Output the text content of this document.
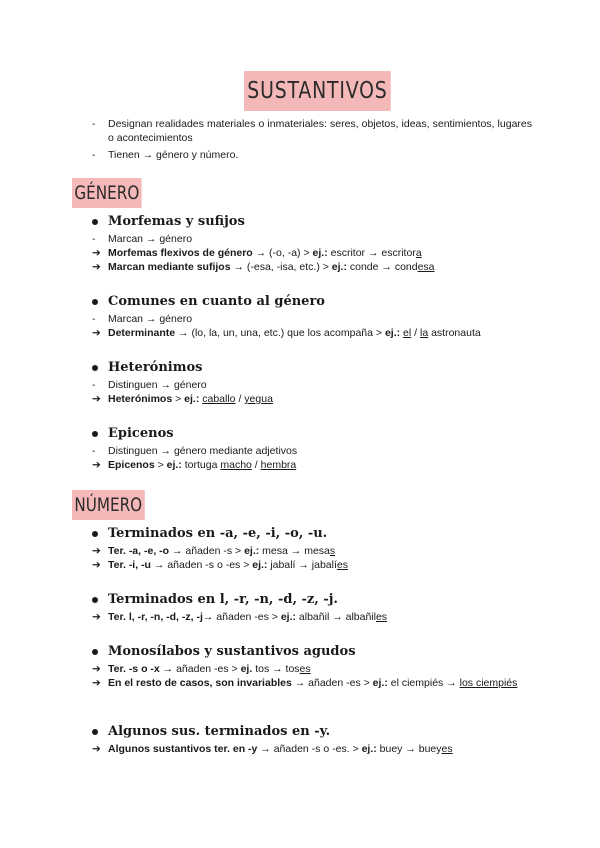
SUSTANTIVOS
- Designan realidades materiales o inmateriales: seres, objetos, ideas, sentimientos, lugares o acontecimientos
- Tienen → género y número.
GÉNERO
Morfemas y sufijos
- Marcan → género
➔ Morfemas flexivos de género → (-o, -a) > ej.: escritor → escritora
➔ Marcan mediante sufijos → (-esa, -isa, etc.) > ej.: conde → condesa
Comunes en cuanto al género
- Marcan → género
➔ Determinante → (lo, la, un, una, etc.) que los acompaña > ej.: el / la astronauta
Heterónimos
- Distinguen → género
➔ Heterónimos > ej.: caballo / yegua
Epicenos
- Distinguen → género mediante adjetivos
➔ Epicenos > ej.: tortuga macho / hembra
NÚMERO
Terminados en -a, -e, -i, -o, -u.
➔ Ter. -a, -e, -o → añaden -s > ej.: mesa → mesas
➔ Ter. -i, -u → añaden -s o -es > ej.: jabalí → jabalíes
Terminados en l, -r, -n, -d, -z, -j.
➔ Ter. l, -r, -n, -d, -z, -j→ añaden -es > ej.: albañil → albañiles
Monosílabos y sustantivos agudos
➔ Ter. -s o -x → añaden -es > ej. tos → toses
➔ En el resto de casos, son invariables → añaden -es > ej.: el ciempiés → los ciempiés
Algunos sus. terminados en -y.
➔ Algunos sustantivos ter. en -y → añaden -s o -es. > ej.: buey → bueyes
